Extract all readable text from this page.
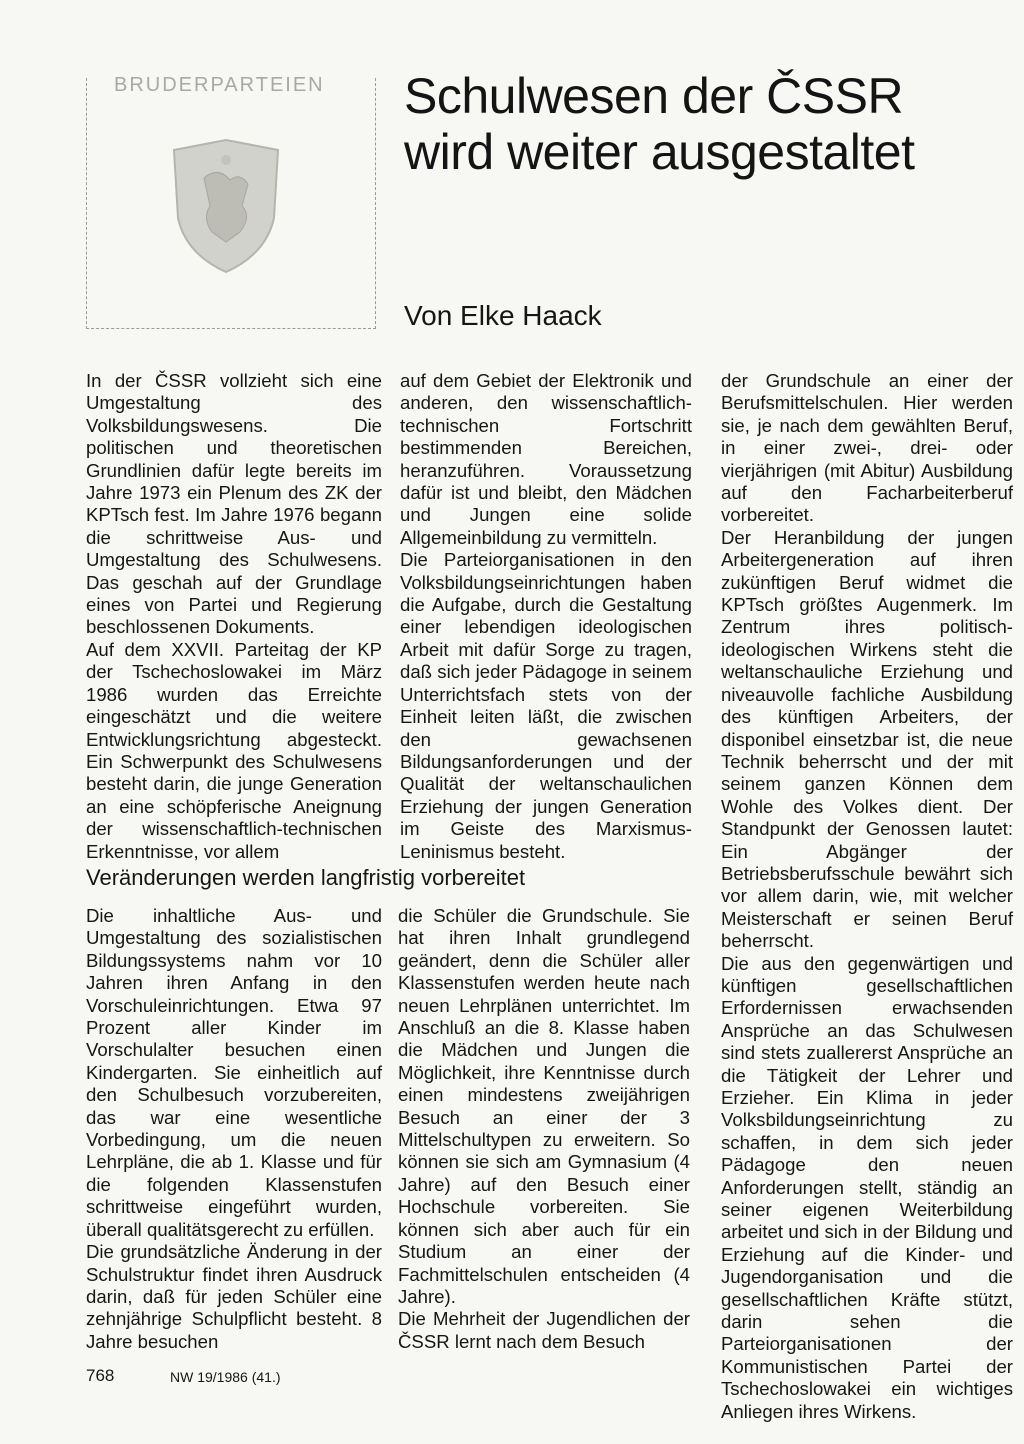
BRUDERPARTEIEN Schulwesen der ČSSR
wird weiter ausgestaltet
Von Elke Haack

In der ČSSR vollzieht sich eine Umgestaltung des Volksbildungswesens. Die politischen und theoretischen Grundlinien dafür legte bereits im Jahre 1973 ein Plenum des ZK der KPTsch fest. Im Jahre 1976 begann die schrittweise Aus- und Umgestaltung des Schulwesens. Das geschah auf der Grundlage eines von Partei und Regierung beschlossenen Dokuments.

Auf dem XXVII. Parteitag der KP der Tschechoslowakei im März 1986 wurden das Erreichte eingeschätzt und die weitere Entwicklungsrichtung abgesteckt. Ein Schwerpunkt des Schulwesens besteht darin, die junge Generation an eine schöpferische Aneignung der wissenschaftlich-technischen Erkenntnisse, vor allem

auf dem Gebiet der Elektronik und anderen, den wissenschaftlich-technischen Fortschritt bestimmenden Bereichen, heranzuführen. Voraussetzung dafür ist und bleibt, den Mädchen und Jungen eine solide Allgemeinbildung zu vermitteln.

Die Parteiorganisationen in den Volksbildungseinrichtungen haben die Aufgabe, durch die Gestaltung einer lebendigen ideologischen Arbeit mit dafür Sorge zu tragen, daß sich jeder Pädagoge in seinem Unterrichtsfach stets von der Einheit leiten läßt, die zwischen den gewachsenen Bildungsanforderungen und der Qualität der weltanschaulichen Erziehung der jungen Generation im Geiste des Marxismus-Leninismus besteht.

der Grundschule an einer der Berufsmittelschulen. Hier werden sie, je nach dem gewählten Beruf, in einer zwei-, drei- oder vierjährigen (mit Abitur) Ausbildung auf den Facharbeiterberuf vorbereitet.

Der Heranbildung der jungen Arbeitergeneration auf ihren zukünftigen Beruf widmet die KPTsch größtes Augenmerk. Im Zentrum ihres politisch-ideologischen Wirkens steht die weltanschauliche Erziehung und niveauvolle fachliche Ausbildung des künftigen Arbeiters, der disponibel einsetzbar ist, die neue Technik beherrscht und der mit seinem ganzen Können dem Wohle des Volkes dient. Der Standpunkt der Genossen lautet: Ein Abgänger der Betriebsberufsschule bewährt sich vor allem darin, wie, mit welcher Meisterschaft er seinen Beruf beherrscht.

Die aus den gegenwärtigen und künftigen gesellschaftlichen Erfordernissen erwachsenden Ansprüche an das Schulwesen sind stets zuallererst Ansprüche an die Tätigkeit der Lehrer und Erzieher. Ein Klima in jeder Volksbildungseinrichtung zu schaffen, in dem sich jeder Pädagoge den neuen Anforderungen stellt, ständig an seiner eigenen Weiterbildung arbeitet und sich in der Bildung und Erziehung auf die Kinder- und Jugendorganisation und die gesellschaftlichen Kräfte stützt, darin sehen die Parteiorganisationen der Kommunistischen Partei der Tschechoslowakei ein wichtiges Anliegen ihres Wirkens.

Veränderungen werden langfristig vorbereitet

Die inhaltliche Aus- und Umgestaltung des sozialistischen Bildungssystems nahm vor 10 Jahren ihren Anfang in den Vorschuleinrichtungen. Etwa 97 Prozent aller Kinder im Vorschulalter besuchen einen Kindergarten. Sie einheitlich auf den Schulbesuch vorzubereiten, das war eine wesentliche Vorbedingung, um die neuen Lehrpläne, die ab 1. Klasse und für die folgenden Klassenstufen schrittweise eingeführt wurden, überall qualitätsgerecht zu erfüllen.

Die grundsätzliche Änderung in der Schulstruktur findet ihren Ausdruck darin, daß für jeden Schüler eine zehnjährige Schulpflicht besteht. 8 Jahre besuchen

die Schüler die Grundschule. Sie hat ihren Inhalt grundlegend geändert, denn die Schüler aller Klassenstufen werden heute nach neuen Lehrplänen unterrichtet. Im Anschluß an die 8. Klasse haben die Mädchen und Jungen die Möglichkeit, ihre Kenntnisse durch einen mindestens zweijährigen Besuch an einer der 3 Mittelschultypen zu erweitern. So können sie sich am Gymnasium (4 Jahre) auf den Besuch einer Hochschule vorbereiten. Sie können sich aber auch für ein Studium an einer der Fachmittelschulen entscheiden (4 Jahre).

Die Mehrheit der Jugendlichen der ČSSR lernt nach dem Besuch

768	NW 19/1986 (41.)
